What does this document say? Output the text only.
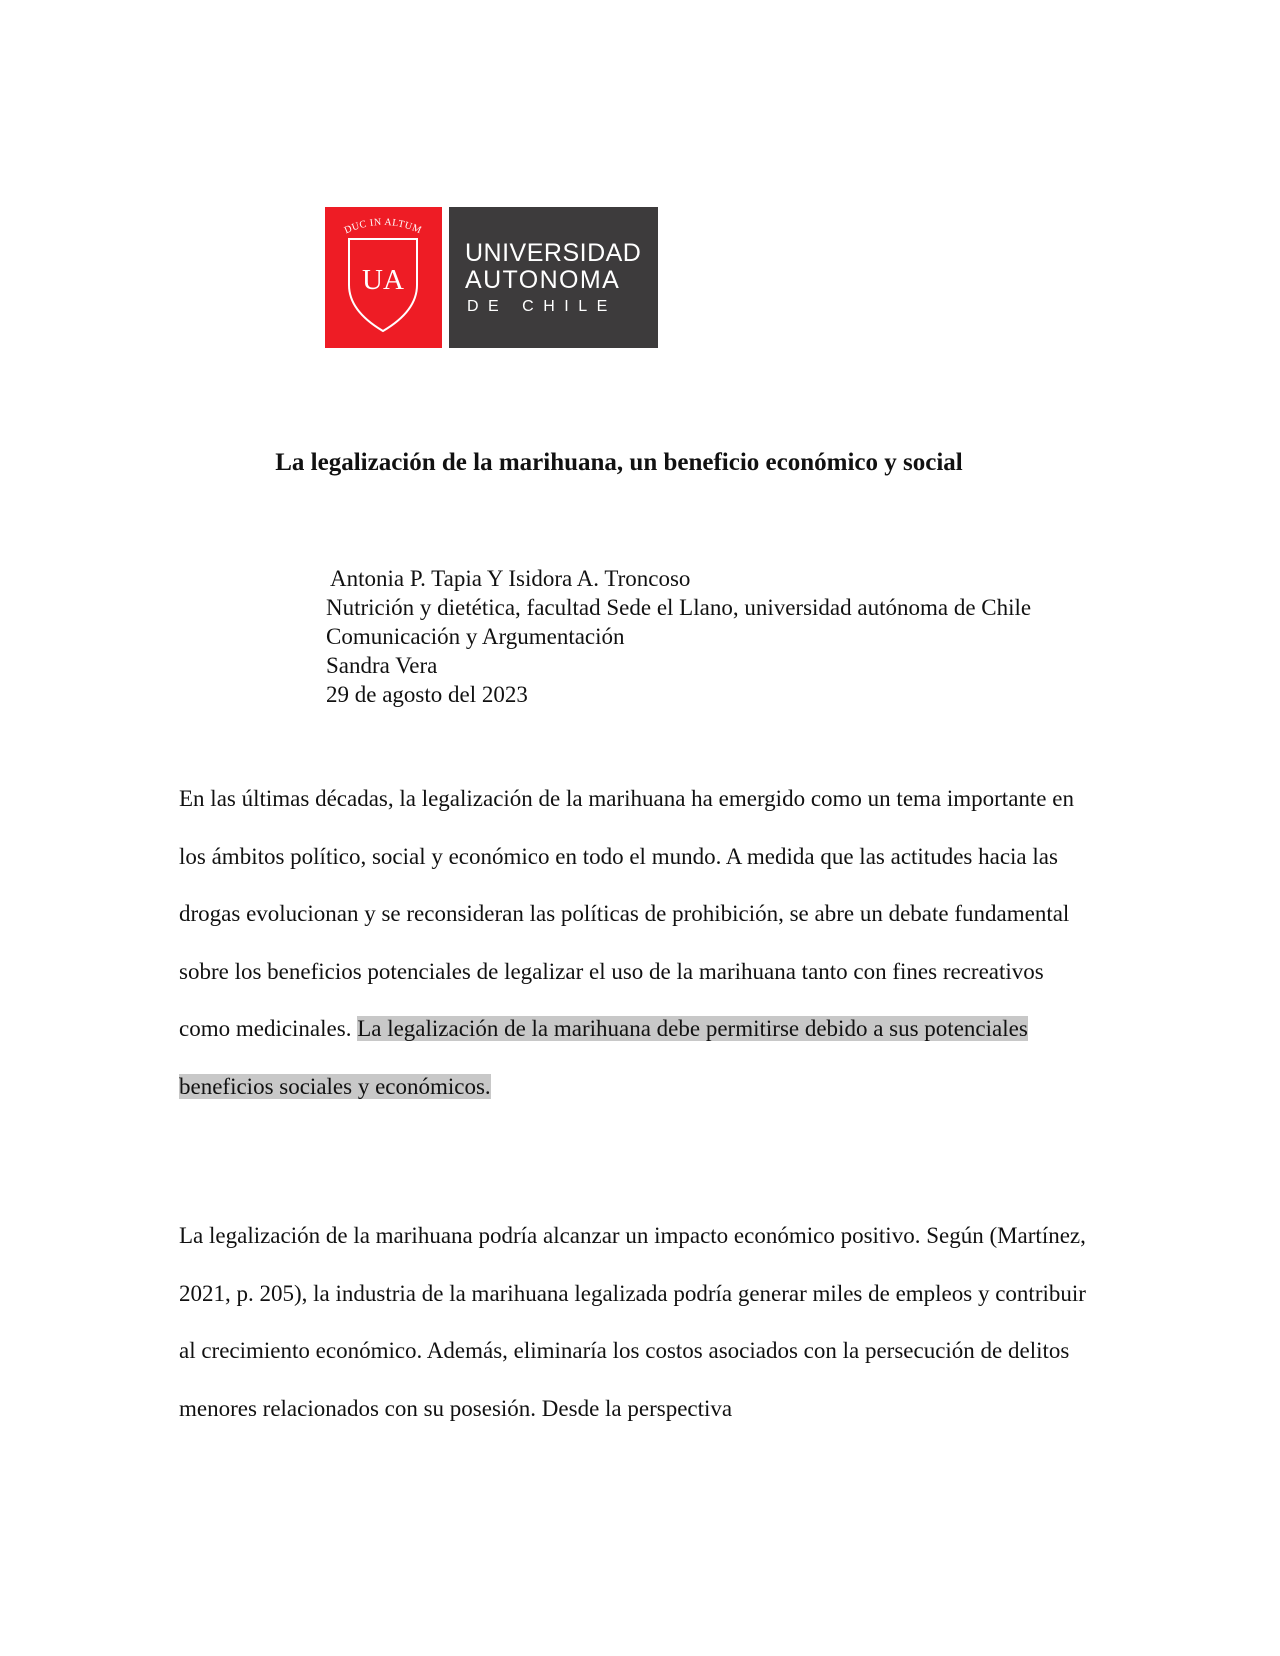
DUC IN ALTUM
UA
UNIVERSIDAD
AUTONOMA
DE CHILE
La legalización de la marihuana, un beneficio económico y social
Antonia P. Tapia Y Isidora A. Troncoso
Nutrición y dietética, facultad Sede el Llano, universidad autónoma de Chile
Comunicación y Argumentación
Sandra Vera
29 de agosto del 2023

En las últimas décadas, la legalización de la marihuana ha emergido como un tema importante en los ámbitos político, social y económico en todo el mundo. A medida que las actitudes hacia las drogas evolucionan y se reconsideran las políticas de prohibición, se abre un debate fundamental sobre los beneficios potenciales de legalizar el uso de la marihuana tanto con fines recreativos como medicinales. La legalización de la marihuana debe permitirse debido a sus potenciales beneficios sociales y económicos.

La legalización de la marihuana podría alcanzar un impacto económico positivo. Según (Martínez, 2021, p. 205), la industria de la marihuana legalizada podría generar miles de empleos y contribuir al crecimiento económico. Además, eliminaría los costos asociados con la persecución de delitos menores relacionados con su posesión. Desde la perspectiva
